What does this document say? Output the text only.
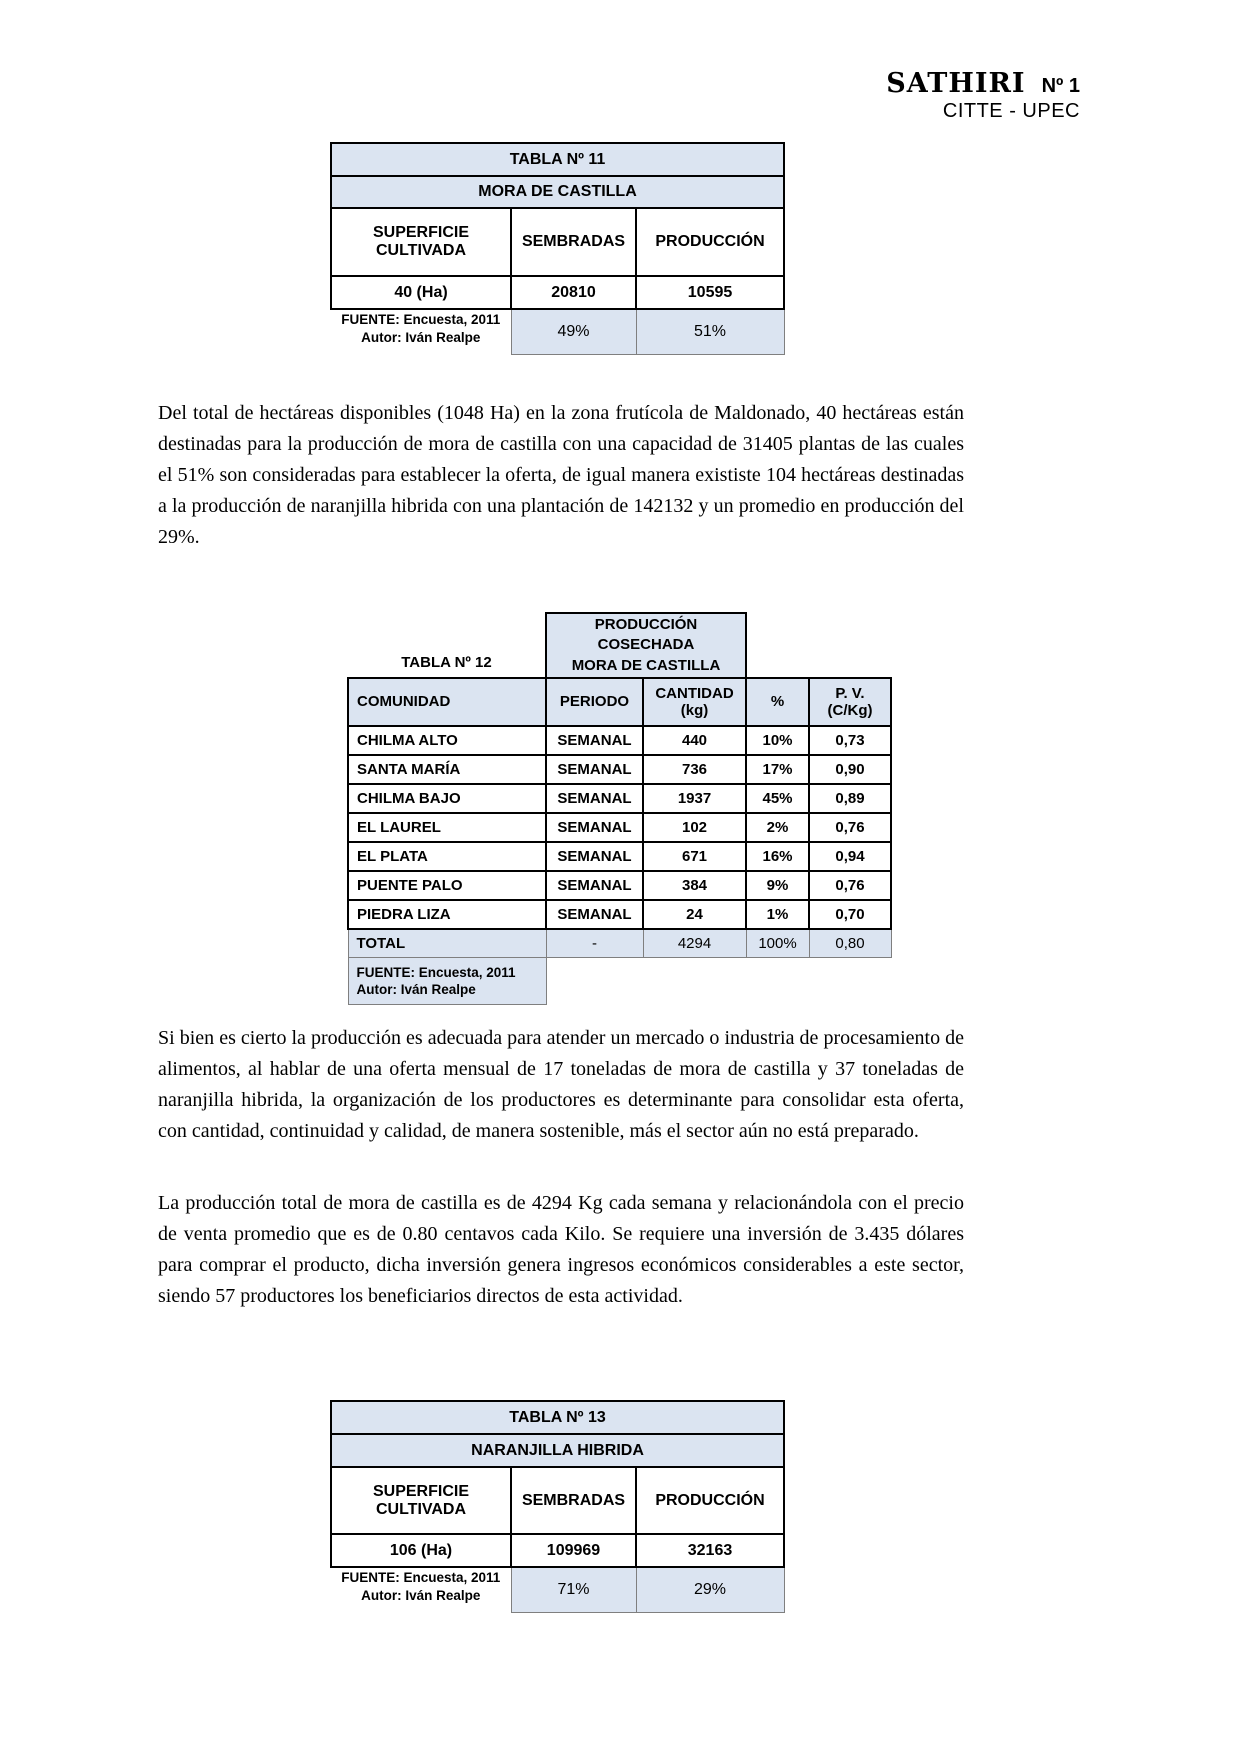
SATHIRI Nº 1
CITTE - UPEC
TABLA Nº 11		
MORA DE CASTILLA		
SUPERFICIE CULTIVADA	SEMBRADAS	PRODUCCIÓN
40 (Ha)	20810	10595

FUENTE: Encuesta, 2011
Autor: Iván Realpe	49%	51%

Del total de hectáreas disponibles (1048 Ha) en la zona frutícola de Maldonado, 40 hectáreas están destinadas para la producción de mora de castilla con una capacidad de 31405 plantas de las cuales el 51% son consideradas para establecer la oferta, de igual manera exististe 104 hectáreas destinadas a la producción de naranjilla hibrida con una plantación de 142132 y un promedio en producción del 29%.

TABLA Nº 12	PRODUCCIÓN COSECHADA
MORA DE CASTILLA			

COMUNIDAD	PERIODO	CANTIDAD (kg)	%	P. V. (C/Kg)
CHILMA ALTO	SEMANAL	440	10%	0,73
SANTA MARÍA	SEMANAL	736	17%	0,90
CHILMA BAJO	SEMANAL	1937	45%	0,89
EL LAUREL	SEMANAL	102	2%	0,76
EL PLATA	SEMANAL	671	16%	0,94
PUENTE PALO	SEMANAL	384	9%	0,76
PIEDRA LIZA	SEMANAL	24	1%	0,70
TOTAL	-	4294	100%	0,80

FUENTE: Encuesta, 2011
Autor: Iván Realpe				

Si bien es cierto la producción es adecuada para atender un mercado o industria de procesamiento de alimentos, al hablar de una oferta mensual de 17 toneladas de mora de castilla y 37 toneladas de naranjilla hibrida, la organización de los productores es determinante para consolidar esta oferta, con cantidad, continuidad y calidad, de manera sostenible, más el sector aún no está preparado.

La producción total de mora de castilla es de 4294 Kg cada semana y relacionándola con el precio de venta promedio que es de 0.80 centavos cada Kilo. Se requiere una inversión de 3.435 dólares para comprar el producto, dicha inversión genera ingresos económicos considerables a este sector, siendo 57 productores los beneficiarios directos de esta actividad.

TABLA Nº 13		
NARANJILLA HIBRIDA		
SUPERFICIE CULTIVADA	SEMBRADAS	PRODUCCIÓN
106 (Ha)	109969	32163

FUENTE: Encuesta, 2011
Autor: Iván Realpe	71%	29%
